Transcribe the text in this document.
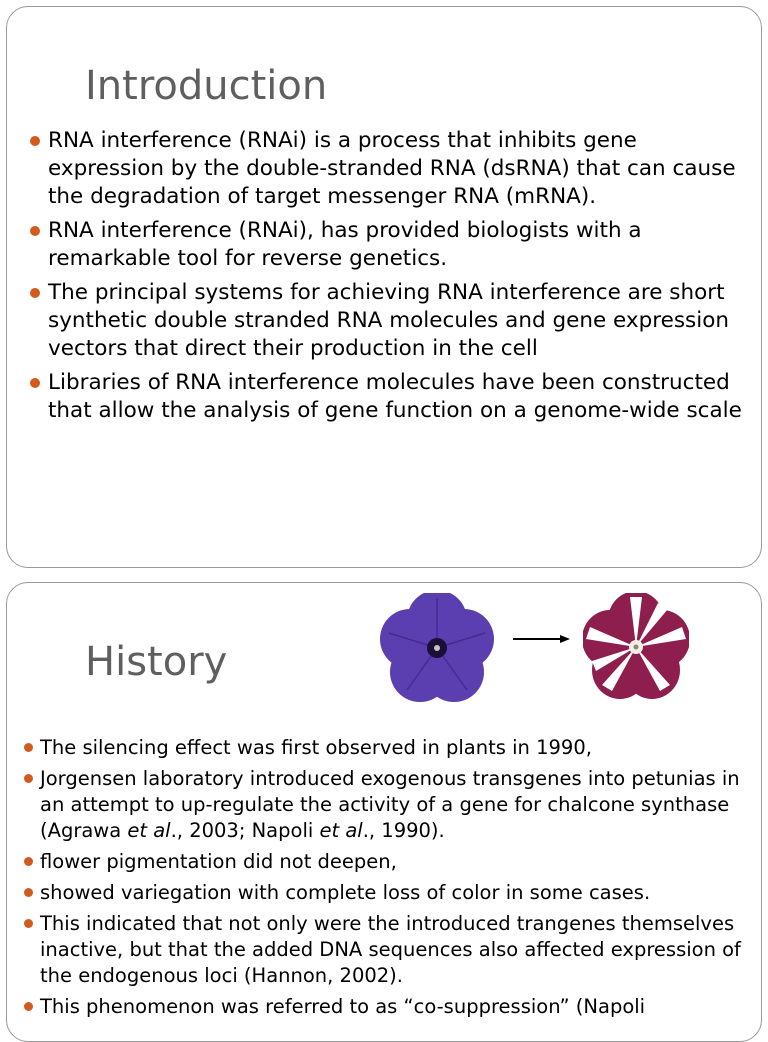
Introduction
RNA interference (RNAi) is a process that inhibits gene expression by the double-stranded RNA (dsRNA) that can cause the degradation of target messenger RNA (mRNA).
RNA interference (RNAi), has provided biologists with a remarkable tool for reverse genetics.
The principal systems for achieving RNA interference are short synthetic double stranded RNA molecules and gene expression vectors that direct their production in the cell
Libraries of RNA interference molecules have been constructed that allow the analysis of gene function on a genome-wide scale
History
The silencing effect was first observed in plants in 1990,
Jorgensen laboratory introduced exogenous transgenes into petunias in an attempt to up-regulate the activity of a gene for chalcone synthase (Agrawa et al., 2003; Napoli et al., 1990).
flower pigmentation did not deepen,
showed variegation with complete loss of color in some cases.
This indicated that not only were the introduced trangenes themselves inactive, but that the added DNA sequences also affected expression of the endogenous loci (Hannon, 2002).
This phenomenon was referred to as “co-suppression” (Napoli
